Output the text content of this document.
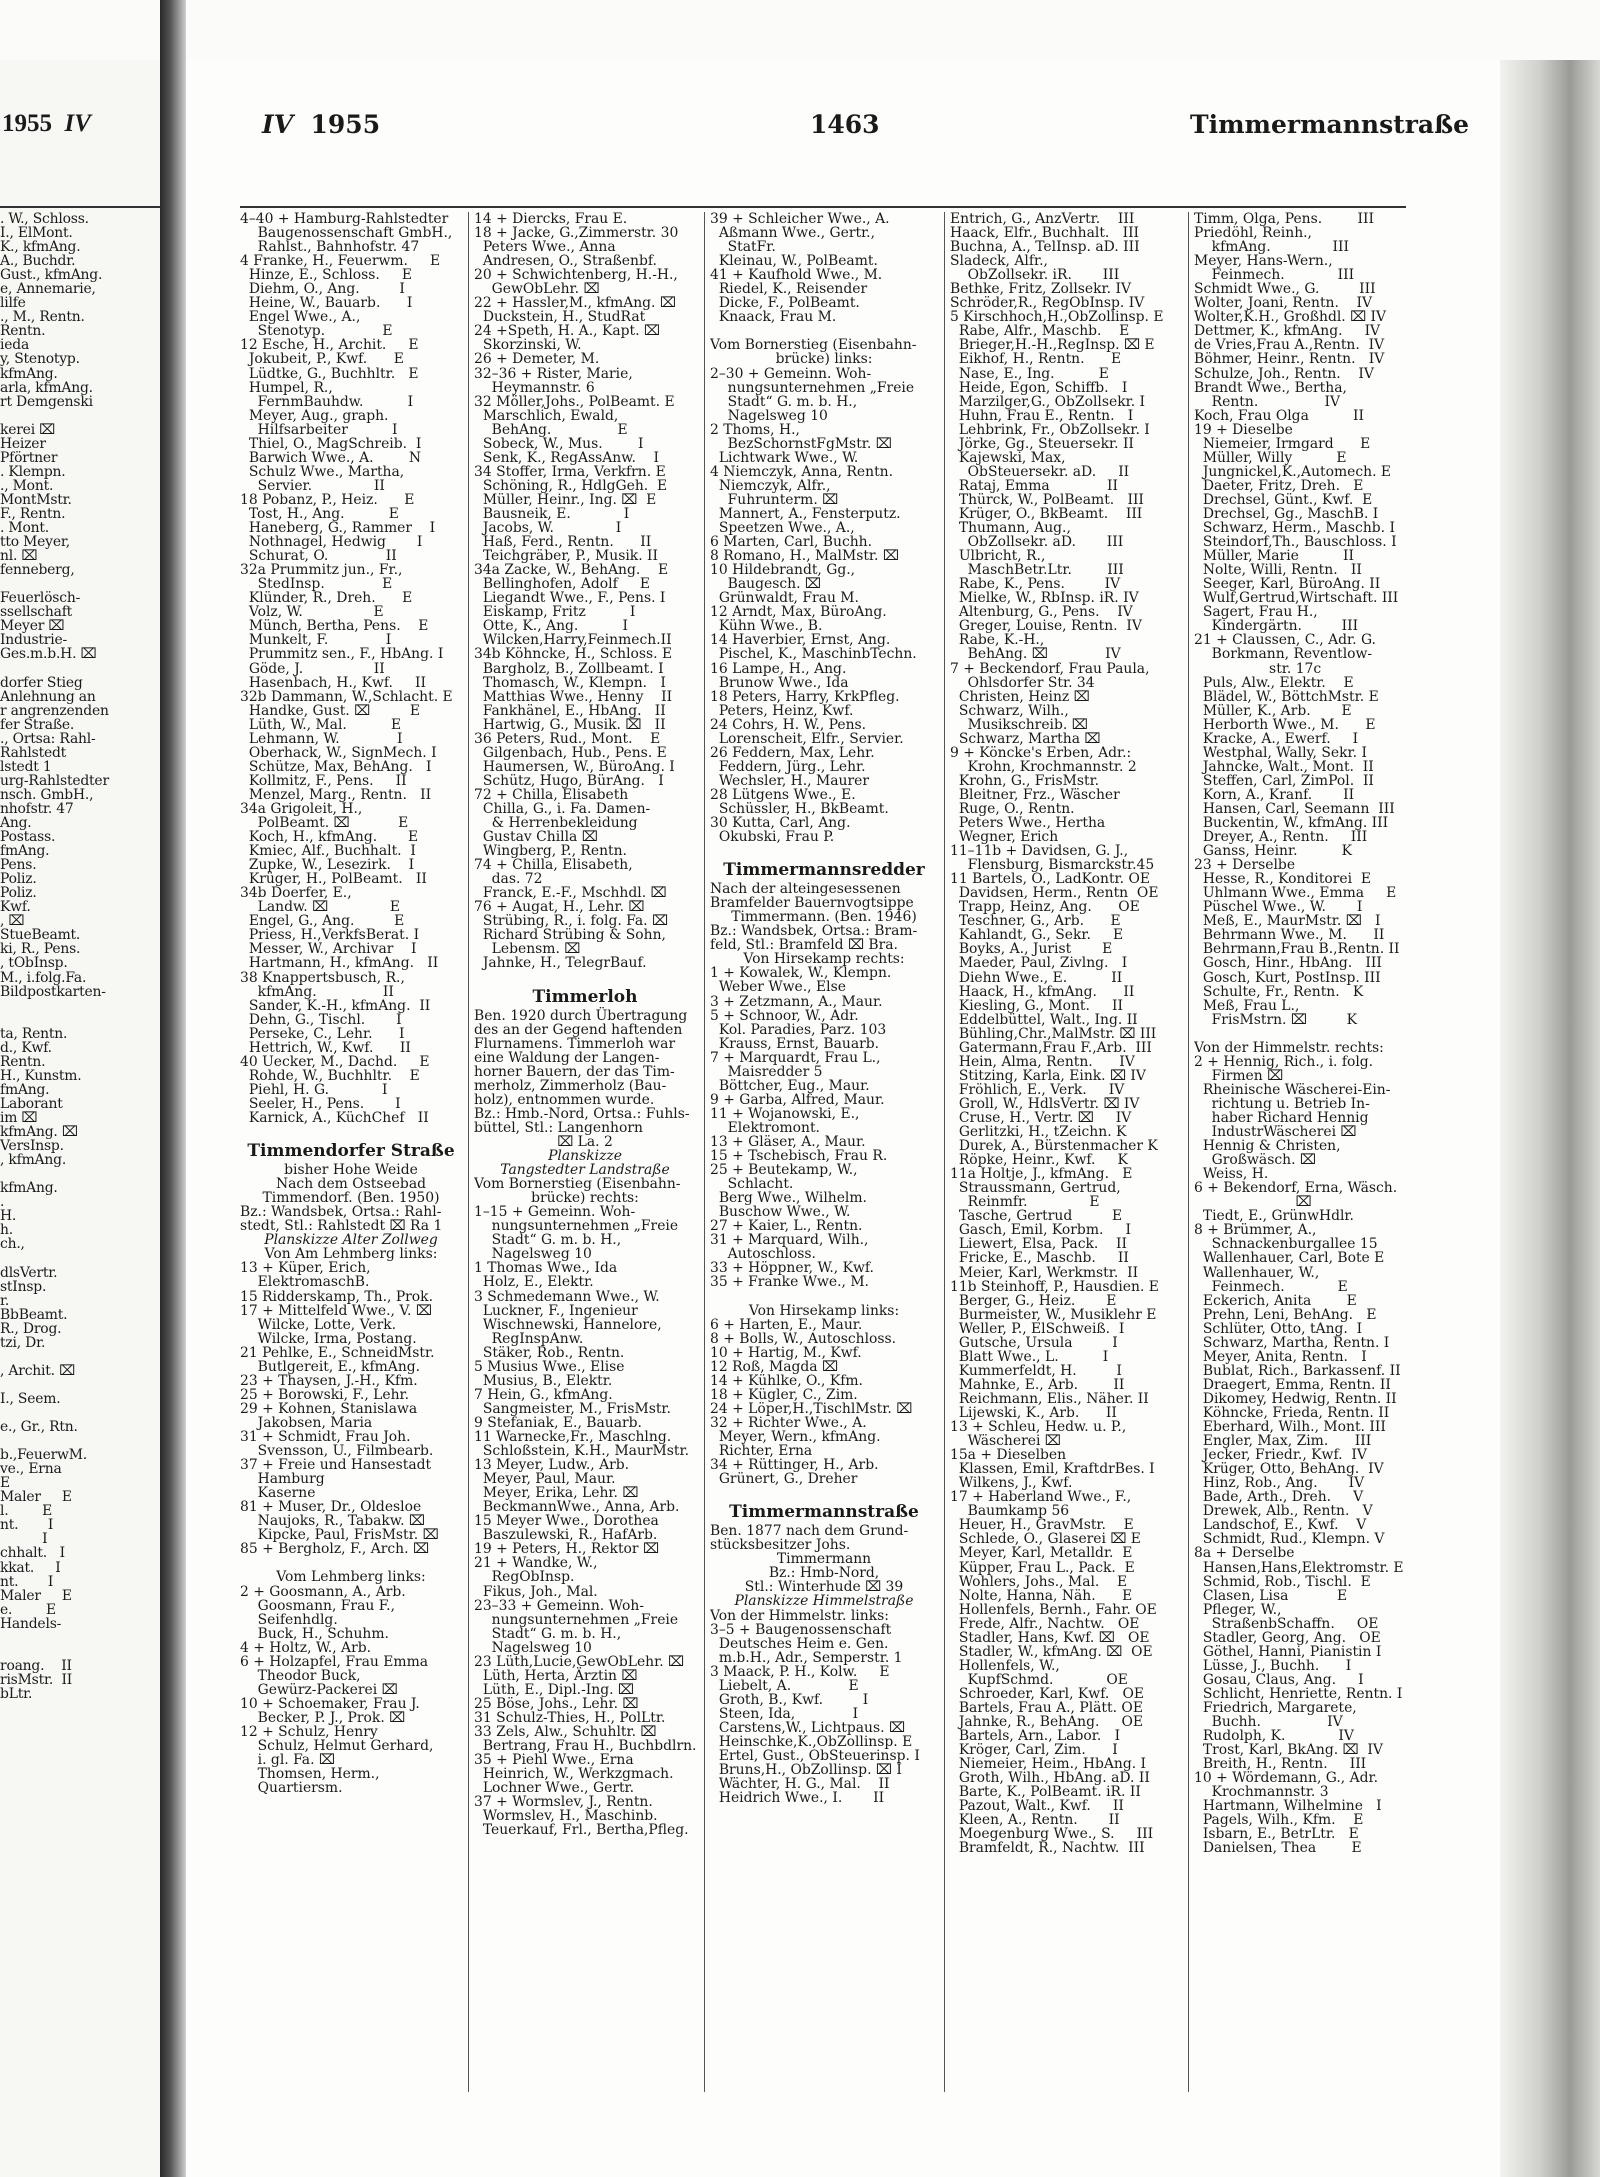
1955 IV	IV 1955	1463	Timmermannstraße
. W., Schloss.
I., ElMont.
K., kfmAng.
A., Buchdr.
Gust., kfmAng.
e, Annemarie,
lilfe
., M., Rentn.
Rentn.
ieda
y, Stenotyp.
kfmAng.
arla, kfmAng.
rt Demgenski
kerei ⌧
Heizer
Pförtner
. Klempn.
., Mont.
MontMstr.
F., Rentn.
. Mont.
tto Meyer,
nl. ⌧
fenneberg,
Feuerlösch-
ssellschaft
Meyer ⌧
Industrie-
Ges.m.b.H. ⌧
dorfer Stieg
Anlehnung an
r angrenzenden
fer Straße.
., Ortsa: Rahl-
Rahlstedt
lstedt 1
urg-Rahlstedter
nsch. GmbH.,
nhofstr. 47
Ang.
Postass.
fmAng.
Pens.
Poliz.
Poliz.
Kwf.
, ⌧
StueBeamt.
ki, R., Pens.
, tObInsp.
M., i.folg.Fa.
Bildpostkarten-
ta, Rentn.
d., Kwf.
Rentn.
H., Kunstm.
fmAng.
Laborant
im ⌧
kfmAng. ⌧
VersInsp.
, kfmAng.
kfmAng.
.
H.
h.
ch.,
dlsVertr.
stInsp.
r.
BbBeamt.
R., Drog.
tzi, Dr.
, Archit. ⌧
I., Seem.
e., Gr., Rtn.
b.,FeuerwM.
ve., Erna
E
Maler     E
l.        E
nt.       I
I
chhalt.   I
kkat.     I
nt.       I
Maler     E
e.        E
Handels-
roang.    II
risMstr.  II
bLtr.
4–40 + Hamburg-Rahlstedter
Baugenossenschaft GmbH.,
Rahlst., Bahnhofstr. 47
4 Franke, H., Feuerwm.     E
Hinze, E., Schloss.     E
Diehm, O., Ang.         I
Heine, W., Bauarb.      I
Engel Wwe., A.,
Stenotyp.             E
12 Esche, H., Archit.     E
Jokubeit, P., Kwf.      E
Lüdtke, G., Buchhltr.   E
Humpel, R.,
FernmBauhdw.          I
Meyer, Aug., graph.
Hilfsarbeiter          I
Thiel, O., MagSchreib.  I
Barwich Wwe., A.        N
Schulz Wwe., Martha,
Servier.              II
18 Pobanz, P., Heiz.      E
Tost, H., Ang.          E
Haneberg, G., Rammer    I
Nothnagel, Hedwig       I
Schurat, O.             II
32a Prummitz jun., Fr.,
StedInsp.             E
Klünder, R., Dreh.      E
Volz, W.                E
Münch, Bertha, Pens.    E
Munkelt, F.             I
Prummitz sen., F., HbAng. I
Göde, J.                II
Hasenbach, H., Kwf.     II
32b Dammann, W.,Schlacht. E
Handke, Gust. ⌧         E
Lüth, W., Mal.          E
Lehmann, W.             I
Oberhack, W., SignMech. I
Schütze, Max, BehAng.   I
Kollmitz, F., Pens.     II
Menzel, Marg., Rentn.   II
34a Grigoleit, H.,
PolBeamt. ⌧           E
Koch, H., kfmAng.       E
Kmiec, Alf., Buchhalt.  I
Zupke, W., Lesezirk.    I
Krüger, H., PolBeamt.   II
34b Doerfer, E.,
Landw. ⌧              E
Engel, G., Ang.         E
Priess, H.,VerkfsBerat. I
Messer, W., Archivar    I
Hartmann, H., kfmAng.   II
38 Knappertsbusch, R.,
kfmAng.               II
Sander, K.-H., kfmAng.  II
Dehn, G., Tischl.       I
Perseke, C., Lehr.      I
Hettrich, W., Kwf.      II
40 Uecker, M., Dachd.     E
Rohde, W., Buchhltr.    E
Piehl, H. G.            I
Seeler, H., Pens.       I
Karnick, A., KüchChef   II
Timmendorfer Straße
bisher Hohe Weide
Nach dem Ostseebad
Timmendorf. (Ben. 1950)
Bz.: Wandsbek, Ortsa.: Rahl-
stedt, Stl.: Rahlstedt ⌧ Ra 1
Planskizze Alter Zollweg
Von Am Lehmberg links:
13 + Küper, Erich,
ElektromaschB.
15 Ridderskamp, Th., Prok.
17 + Mittelfeld Wwe., V. ⌧
Wilcke, Lotte, Verk.
Wilcke, Irma, Postang.
21 Pehlke, E., SchneidMstr.
Butlgereit, E., kfmAng.
23 + Thaysen, J.-H., Kfm.
25 + Borowski, F., Lehr.
29 + Kohnen, Stanislawa
Jakobsen, Maria
31 + Schmidt, Frau Joh.
Svensson, U., Filmbearb.
37 + Freie und Hansestadt
Hamburg
Kaserne
81 + Muser, Dr., Oldesloe
Naujoks, R., Tabakw. ⌧
Kipcke, Paul, FrisMstr. ⌧
85 + Bergholz, F., Arch. ⌧
Vom Lehmberg links:
2 + Goosmann, A., Arb.
Goosmann, Frau F.,
Seifenhdlg.
Buck, H., Schuhm.
4 + Holtz, W., Arb.
6 + Holzapfel, Frau Emma
Theodor Buck,
Gewürz-Packerei ⌧
10 + Schoemaker, Frau J.
Becker, P. J., Prok. ⌧
12 + Schulz, Henry
Schulz, Helmut Gerhard,
i. gl. Fa. ⌧
Thomsen, Herm.,
Quartiersm.
14 + Diercks, Frau E.
18 + Jacke, G.,Zimmerstr. 30
Peters Wwe., Anna
Andresen, O., Straßenbf.
20 + Schwichtenberg, H.-H.,
GewObLehr. ⌧
22 + Hassler,M., kfmAng. ⌧
Duckstein, H., StudRat
24 +Speth, H. A., Kapt. ⌧
Skorzinski, W.
26 + Demeter, M.
32–36 + Rister, Marie,
Heymannstr. 6
32 Möller,Johs., PolBeamt. E
Marschlich, Ewald,
BehAng.               E
Sobeck, W., Mus.        I
Senk, K., RegAssAnw.    I
34 Stoffer, Irma, Verkfrn. E
Schöning, R., HdlgGeh.  E
Müller, Heinr., Ing. ⌧  E
Bausneik, E.            I
Jacobs, W.              I
Haß, Ferd., Rentn.      II
Teichgräber, P., Musik. II
34a Zacke, W., BehAng.    E
Bellinghofen, Adolf     E
Liegandt Wwe., F., Pens. I
Eiskamp, Fritz          I
Otte, K., Ang.          I
Wilcken,Harry,Feinmech.II
34b Köhncke, H., Schloss. E
Bargholz, B., Zollbeamt. I
Thomasch, W., Klempn.   I
Matthias Wwe., Henny    II
Fankhänel, E., HbAng.   II
Hartwig, G., Musik. ⌧   II
36 Peters, Rud., Mont.    E
Gilgenbach, Hub., Pens. E
Haumersen, W., BüroAng. I
Schütz, Hugo, BürAng.   I
72 + Chilla, Elisabeth
Chilla, G., i. Fa. Damen-
& Herrenbekleidung
Gustav Chilla ⌧
Wingberg, P., Rentn.
74 + Chilla, Elisabeth,
das. 72
Franck, E.-F., Mschhdl. ⌧
76 + Augat, H., Lehr. ⌧
Strübing, R., i. folg. Fa. ⌧
Richard Strübing & Sohn,
Lebensm. ⌧
Jahnke, H., TelegrBauf.
Timmerloh
Ben. 1920 durch Übertragung
des an der Gegend haftenden
Flurnamens. Timmerloh war
eine Waldung der Langen-
horner Bauern, der das Tim-
merholz, Zimmerholz (Bau-
holz), entnommen wurde.
Bz.: Hmb.-Nord, Ortsa.: Fuhls-
büttel, Stl.: Langenhorn
⌧ La. 2
Planskizze
Tangstedter Landstraße
Vom Bornerstieg (Eisenbahn-
brücke) rechts:
1–15 + Gemeinn. Woh-
nungsunternehmen „Freie
Stadt“ G. m. b. H.,
Nagelsweg 10
1 Thomas Wwe., Ida
Holz, E., Elektr.
3 Schmedemann Wwe., W.
Luckner, F., Ingenieur
Wischnewski, Hannelore,
RegInspAnw.
Stäker, Rob., Rentn.
5 Musius Wwe., Elise
Musius, B., Elektr.
7 Hein, G., kfmAng.
Sangmeister, M., FrisMstr.
9 Stefaniak, E., Bauarb.
11 Warnecke,Fr., Maschlng.
Schloßstein, K.H., MaurMstr.
13 Meyer, Ludw., Arb.
Meyer, Paul, Maur.
Meyer, Erika, Lehr. ⌧
BeckmannWwe., Anna, Arb.
15 Meyer Wwe., Dorothea
Baszulewski, R., HafArb.
19 + Peters, H., Rektor ⌧
21 + Wandke, W.,
RegObInsp.
Fikus, Joh., Mal.
23–33 + Gemeinn. Woh-
nungsunternehmen „Freie
Stadt“ G. m. b. H.,
Nagelsweg 10
23 Lüth,Lucie,GewObLehr. ⌧
Lüth, Herta, Ärztin ⌧
Lüth, E., Dipl.-Ing. ⌧
25 Böse, Johs., Lehr. ⌧
31 Schulz-Thies, H., PolLtr.
33 Zels, Alw., Schuhltr. ⌧
Bertrang, Frau H., Buchbdlrn.
35 + Piehl Wwe., Erna
Heinrich, W., Werkzgmach.
Lochner Wwe., Gertr.
37 + Wormslev, J., Rentn.
Wormslev, H., Maschinb.
Teuerkauf, Frl., Bertha,Pfleg.
39 + Schleicher Wwe., A.
Aßmann Wwe., Gertr.,
StatFr.
Kleinau, W., PolBeamt.
41 + Kaufhold Wwe., M.
Riedel, K., Reisender
Dicke, F., PolBeamt.
Knaack, Frau M.
Vom Bornerstieg (Eisenbahn-
brücke) links:
2–30 + Gemeinn. Woh-
nungsunternehmen „Freie
Stadt“ G. m. b. H.,
Nagelsweg 10
2 Thoms, H.,
BezSchornstFgMstr. ⌧
Lichtwark Wwe., W.
4 Niemczyk, Anna, Rentn.
Niemczyk, Alfr.,
Fuhrunterm. ⌧
Mannert, A., Fensterputz.
Speetzen Wwe., A.,
6 Marten, Carl, Buchh.
8 Romano, H., MalMstr. ⌧
10 Hildebrandt, Gg.,
Baugesch. ⌧
Grünwaldt, Frau M.
12 Arndt, Max, BüroAng.
Kühn Wwe., B.
14 Haverbier, Ernst, Ang.
Pischel, K., MaschinbTechn.
16 Lampe, H., Ang.
Brunow Wwe., Ida
18 Peters, Harry, KrkPfleg.
Peters, Heinz, Kwf.
24 Cohrs, H. W., Pens.
Lorenscheit, Elfr., Servier.
26 Feddern, Max, Lehr.
Feddern, Jürg., Lehr.
Wechsler, H., Maurer
28 Lütgens Wwe., E.
Schüssler, H., BkBeamt.
30 Kutta, Carl, Ang.
Okubski, Frau P.
Timmermannsredder
Nach der alteingesessenen
Bramfelder Bauernvogtsippe
Timmermann. (Ben. 1946)
Bz.: Wandsbek, Ortsa.: Bram-
feld, Stl.: Bramfeld ⌧ Bra.
Von Hirsekamp rechts:
1 + Kowalek, W., Klempn.
Weber Wwe., Else
3 + Zetzmann, A., Maur.
5 + Schnoor, W., Adr.
Kol. Paradies, Parz. 103
Krauss, Ernst, Bauarb.
7 + Marquardt, Frau L.,
Maisredder 5
Böttcher, Eug., Maur.
9 + Garba, Alfred, Maur.
11 + Wojanowski, E.,
Elektromont.
13 + Gläser, A., Maur.
15 + Tschebisch, Frau R.
25 + Beutekamp, W.,
Schlacht.
Berg Wwe., Wilhelm.
Buschow Wwe., W.
27 + Kaier, L., Rentn.
31 + Marquard, Wilh.,
Autoschloss.
33 + Höppner, W., Kwf.
35 + Franke Wwe., M.
Von Hirsekamp links:
6 + Harten, E., Maur.
8 + Bolls, W., Autoschloss.
10 + Hartig, M., Kwf.
12 Roß, Magda ⌧
14 + Kühlke, O., Kfm.
18 + Kügler, C., Zim.
24 + Löper,H.,TischlMstr. ⌧
32 + Richter Wwe., A.
Meyer, Wern., kfmAng.
Richter, Erna
34 + Rüttinger, H., Arb.
Grünert, G., Dreher
Timmermannstraße
Ben. 1877 nach dem Grund-
stücksbesitzer Johs.
Timmermann
Bz.: Hmb-Nord,
Stl.: Winterhude ⌧ 39
Planskizze Himmelstraße
Von der Himmelstr. links:
3–5 + Baugenossenschaft
Deutsches Heim e. Gen.
m.b.H., Adr., Semperstr. 1
3 Maack, P. H., Kolw.     E
Liebelt, A.             E
Groth, B., Kwf.         I
Steen, Ida,             I
Carstens,W., Lichtpaus. ⌧
Heinschke,K.,ObZollinsp. E
Ertel, Gust., ObSteuerinsp. I
Bruns,H., ObZollinsp. ⌧ I
Wächter, H. G., Mal.    II
Heidrich Wwe., I.       II
Entrich, G., AnzVertr.    III
Haack, Elfr., Buchhalt.   III
Buchna, A., TelInsp. aD. III
Sladeck, Alfr.,
ObZollsekr. iR.       III
Bethke, Fritz, Zollsekr. IV
Schröder,R., RegObInsp. IV
5 Kirschhoch,H.,ObZollinsp. E
Rabe, Alfr., Maschb.    E
Brieger,H.-H.,RegInsp. ⌧ E
Eikhof, H., Rentn.      E
Nase, E., Ing.          E
Heide, Egon, Schiffb.   I
Marzilger,G., ObZollsekr. I
Huhn, Frau E., Rentn.   I
Lehbrink, Fr., ObZollsekr. I
Jörke, Gg., Steuersekr. II
Kajewski, Max,
ObSteuersekr. aD.     II
Rataj, Emma             II
Thürck, W., PolBeamt.   III
Krüger, O., BkBeamt.    III
Thumann, Aug.,
ObZollsekr. aD.       III
Ulbricht, R.,
MaschBetr.Ltr.        III
Rabe, K., Pens.         IV
Mielke, W., RbInsp. iR. IV
Altenburg, G., Pens.    IV
Greger, Louise, Rentn.  IV
Rabe, K.-H.,
BehAng. ⌧             IV
7 + Beckendorf, Frau Paula,
Ohlsdorfer Str. 34
Christen, Heinz ⌧
Schwarz, Wilh.,
Musikschreib. ⌧
Schwarz, Martha ⌧
9 + Köncke's Erben, Adr.:
Krohn, Krochmannstr. 2
Krohn, G., FrisMstr.
Bleitner, Frz., Wäscher
Ruge, O., Rentn.
Peters Wwe., Hertha
Wegner, Erich
11–11b + Davidsen, G. J.,
Flensburg, Bismarckstr.45
11 Bartels, O., LadKontr. OE
Davidsen, Herm., Rentn  OE
Trapp, Heinz, Ang.      OE
Teschner, G., Arb.      E
Kahlandt, G., Sekr.     E
Boyks, A., Jurist       E
Maeder, Paul, Zivlng.   I
Diehn Wwe., E.          II
Haack, H., kfmAng.      II
Kiesling, G., Mont.     II
Eddelbüttel, Walt., Ing. II
Bühling,Chr.,MalMstr. ⌧ III
Gatermann,Frau F.,Arb.  III
Hein, Alma, Rentn.      IV
Stitzing, Karla, Eink. ⌧ IV
Fröhlich, E., Verk.     IV
Groll, W., HdlsVertr. ⌧ IV
Cruse, H., Vertr. ⌧     IV
Gerlitzki, H., tZeichn. K
Durek, A., Bürstenmacher K
Röpke, Heinr., Kwf.     K
11a Holtje, J., kfmAng.   E
Straussmann, Gertrud,
Reinmfr.              E
Tasche, Gertrud         E
Gasch, Emil, Korbm.     I
Liewert, Elsa, Pack.    II
Fricke, E., Maschb.     II
Meier, Karl, Werkmstr.  II
11b Steinhoff, P., Hausdien. E
Berger, G., Heiz.       E
Burmeister, W., Musiklehr E
Weller, P., ElSchweiß.  I
Gutsche, Ursula         I
Blatt Wwe., L.          I
Kummerfeldt, H.         I
Mahnke, E., Arb.        II
Reichmann, Elis., Näher. II
Lijewski, K., Arb.      II
13 + Schleu, Hedw. u. P.,
Wäscherei ⌧
15a + Dieselben
Klassen, Emil, KraftdrBes. I
Wilkens, J., Kwf.
17 + Haberland Wwe., F.,
Baumkamp 56
Heuer, H., GravMstr.    E
Schlede, O., Glaserei ⌧ E
Meyer, Karl, Metalldr.  E
Küpper, Frau L., Pack.  E
Wohlers, Johs., Mal.    E
Nolte, Hanna, Näh.      E
Hollenfels, Bernh., Fahr. OE
Frede, Alfr., Nachtw.   OE
Stadler, Hans, Kwf. ⌧   OE
Stadler, W., kfmAng. ⌧  OE
Hollenfels, W.,
KupfSchmd.            OE
Schroeder, Karl, Kwf.   OE
Bartels, Frau A., Plätt. OE
Jahnke, R., BehAng.     OE
Bartels, Arn., Labor.   I
Kröger, Carl, Zim.      I
Niemeier, Heim., HbAng. I
Groth, Wilh., HbAng. aD. II
Barte, K., PolBeamt. iR. II
Pazout, Walt., Kwf.     II
Kleen, A., Rentn.       II
Moegenburg Wwe., S.     III
Bramfeldt, R., Nachtw.  III
Timm, Olga, Pens.        III
Priedöhl, Reinh.,
kfmAng.              III
Meyer, Hans-Wern.,
Feinmech.            III
Schmidt Wwe., G.         III
Wolter, Joani, Rentn.    IV
Wolter,K.H., Großhdl. ⌧ IV
Dettmer, K., kfmAng.     IV
de Vries,Frau A.,Rentn.  IV
Böhmer, Heinr., Rentn.   IV
Schulze, Joh., Rentn.    IV
Brandt Wwe., Bertha,
Rentn.               IV
Koch, Frau Olga          II
19 + Dieselbe
Niemeier, Irmgard      E
Müller, Willy          E
Jungnickel,K.,Automech. E
Daeter, Fritz, Dreh.   E
Drechsel, Günt., Kwf.  E
Drechsel, Gg., MaschB. I
Schwarz, Herm., Maschb. I
Steindorf,Th., Bauschloss. I
Müller, Marie          II
Nolte, Willi, Rentn.   II
Seeger, Karl, BüroAng. II
Wulf,Gertrud,Wirtschaft. III
Sagert, Frau H.,
Kindergärtn.         III
21 + Claussen, C., Adr. G.
Borkmann, Reventlow-
str. 17c
Puls, Alw., Elektr.    E
Blädel, W., BöttchMstr. E
Müller, K., Arb.       E
Herborth Wwe., M.      E
Kracke, A., Ewerf.     I
Westphal, Wally, Sekr. I
Jahncke, Walt., Mont.  II
Steffen, Carl, ZimPol.  II
Korn, A., Kranf.       II
Hansen, Carl, Seemann  III
Buckentin, W., kfmAng. III
Dreyer, A., Rentn.     III
Ganss, Heinr.          K
23 + Derselbe
Hesse, R., Konditorei  E
Uhlmann Wwe., Emma     E
Püschel Wwe., W.       I
Meß, E., MaurMstr. ⌧   I
Behrmann Wwe., M.      II
Behrmann,Frau B.,Rentn. II
Gosch, Hinr., HbAng.   III
Gosch, Kurt, PostInsp. III
Schulte, Fr., Rentn.   K
Meß, Frau L.,
FrisMstrn. ⌧         K
Von der Himmelstr. rechts:
2 + Hennig, Rich., i. folg.
Firmen ⌧
Rheinische Wäscherei-Ein-
richtung u. Betrieb In-
haber Richard Hennig
IndustrWäscherei ⌧
Hennig & Christen,
Großwäsch. ⌧
Weiss, H.
6 + Bekendorf, Erna, Wäsch.
⌧
Tiedt, E., GrünwHdlr.
8 + Brümmer, A.,
Schnackenburgallee 15
Wallenhauer, Carl, Bote E
Wallenhauer, W.,
Feinmech.            E
Eckerich, Anita        E
Prehn, Leni, BehAng.   E
Schlüter, Otto, tAng.  I
Schwarz, Martha, Rentn. I
Meyer, Anita, Rentn.   I
Bublat, Rich., Barkassenf. II
Draegert, Emma, Rentn. II
Dikomey, Hedwig, Rentn. II
Köhncke, Frieda, Rentn. II
Eberhard, Wilh., Mont. III
Engler, Max, Zim.      III
Jecker, Friedr., Kwf.  IV
Krüger, Otto, BehAng.  IV
Hinz, Rob., Ang.       IV
Bade, Arth., Dreh.     V
Drewek, Alb., Rentn.   V
Landschof, E., Kwf.    V
Schmidt, Rud., Klempn. V
8a + Derselbe
Hansen,Hans,Elektromstr. E
Schmid, Rob., Tischl.  E
Clasen, Lisa           E
Pfleger, W.,
StraßenbSchaffn.     OE
Stadler, Georg, Ang.   OE
Göthel, Hanni, Pianistin I
Lüsse, J., Buchh.      I
Gosau, Claus, Ang.     I
Schlicht, Henriette, Rentn. I
Friedrich, Margarete,
Buchh.               IV
Rudolph, K.            IV
Trost, Karl, BkAng. ⌧  IV
Breith, H., Rentn.     III
10 + Wördemann, G., Adr.
Krochmannstr. 3
Hartmann, Wilhelmine   I
Pagels, Wilh., Kfm.    E
Isbarn, E., BetrLtr.   E
Danielsen, Thea        E
